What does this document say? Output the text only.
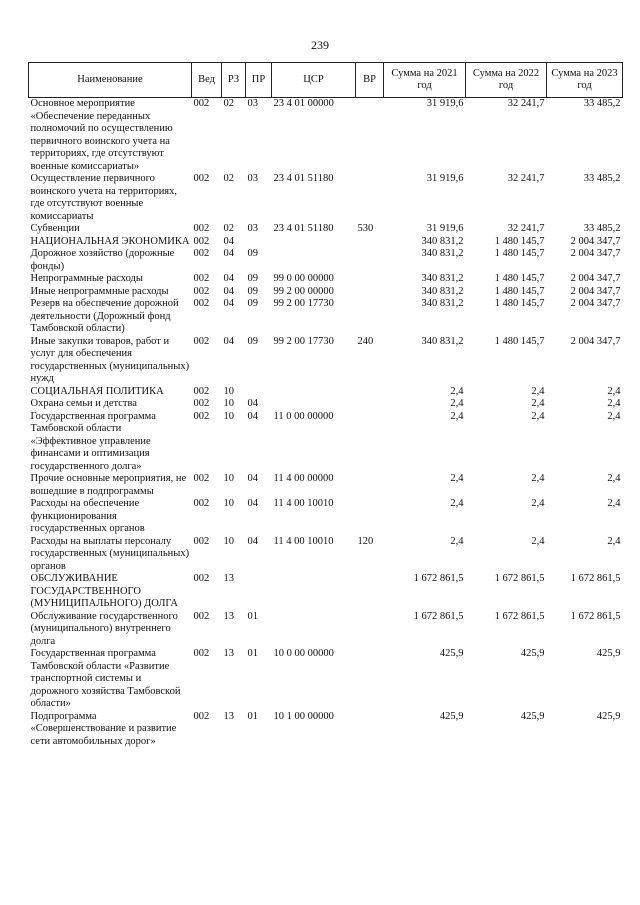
239
Наименование	Вед	РЗ	ПР	ЦСР	ВР	Сумма на 2021 год	Сумма на 2022 год	Сумма на 2023 год
Основное мероприятие «Обеспечение переданных полномочий по осуществлению первичного воинского учета на территориях, где отсутствуют военные комиссариаты»	002	02	03	23 4 01 00000		31 919,6	32 241,7	33 485,2
Осуществление первичного воинского учета на территориях, где отсутствуют военные комиссариаты	002	02	03	23 4 01 51180		31 919,6	32 241,7	33 485,2
Субвенции	002	02	03	23 4 01 51180	530	31 919,6	32 241,7	33 485,2
НАЦИОНАЛЬНАЯ ЭКОНОМИКА	002	04				340 831,2	1 480 145,7	2 004 347,7
Дорожное хозяйство (дорожные фонды)	002	04	09			340 831,2	1 480 145,7	2 004 347,7
Непрограммные расходы	002	04	09	99 0 00 00000		340 831,2	1 480 145,7	2 004 347,7
Иные непрограммные расходы	002	04	09	99 2 00 00000		340 831,2	1 480 145,7	2 004 347,7
Резерв на обеспечение дорожной деятельности (Дорожный фонд Тамбовской области)	002	04	09	99 2 00 17730		340 831,2	1 480 145,7	2 004 347,7
Иные закупки товаров, работ и услуг для обеспечения государственных (муниципальных) нужд	002	04	09	99 2 00 17730	240	340 831,2	1 480 145,7	2 004 347,7
СОЦИАЛЬНАЯ ПОЛИТИКА	002	10				2,4	2,4	2,4
Охрана семьи и детства	002	10	04			2,4	2,4	2,4
Государственная программа Тамбовской области «Эффективное управление финансами и оптимизация государственного долга»	002	10	04	11 0 00 00000		2,4	2,4	2,4
Прочие основные мероприятия, не вошедшие в подпрограммы	002	10	04	11 4 00 00000		2,4	2,4	2,4
Расходы на обеспечение функционирования государственных органов	002	10	04	11 4 00 10010		2,4	2,4	2,4
Расходы на выплаты персоналу государственных (муниципальных) органов	002	10	04	11 4 00 10010	120	2,4	2,4	2,4
ОБСЛУЖИВАНИЕ ГОСУДАРСТВЕННОГО (МУНИЦИПАЛЬНОГО) ДОЛГА	002	13				1 672 861,5	1 672 861,5	1 672 861,5
Обслуживание государственного (муниципального) внутреннего долга	002	13	01			1 672 861,5	1 672 861,5	1 672 861,5
Государственная программа Тамбовской области «Развитие транспортной системы и дорожного хозяйства Тамбовской области»	002	13	01	10 0 00 00000		425,9	425,9	425,9
Подпрограмма «Совершенствование и развитие сети автомобильных дорог»	002	13	01	10 1 00 00000		425,9	425,9	425,9
